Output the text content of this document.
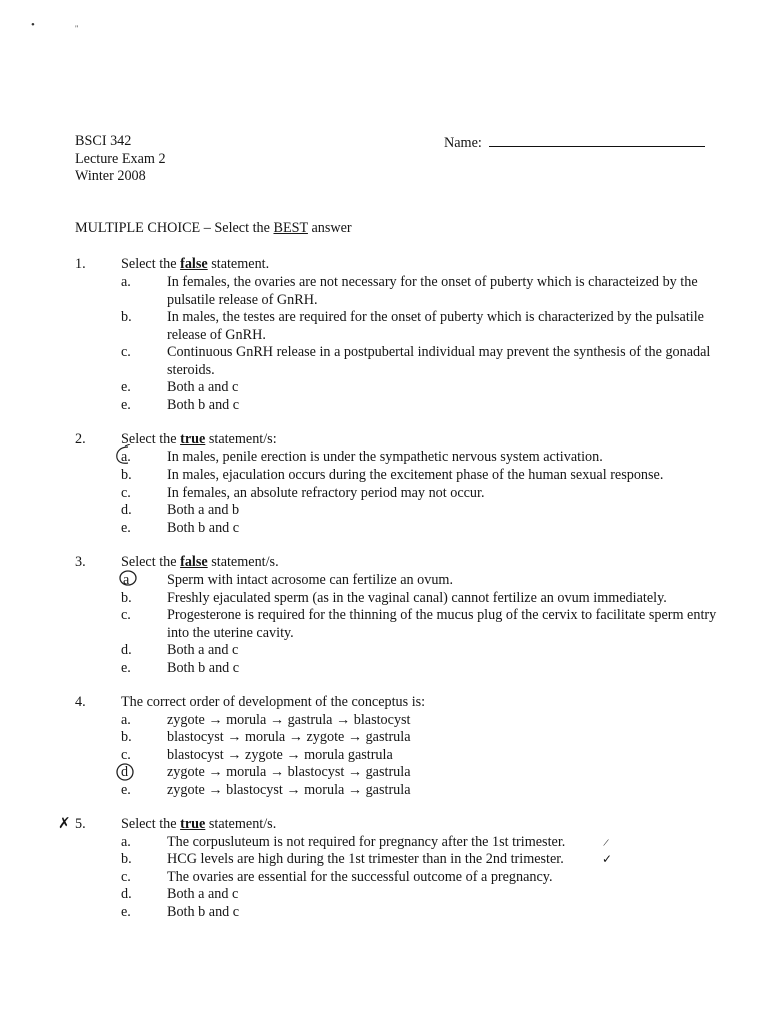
•	"
BSCI 342
Lecture Exam 2
Winter 2008
Name:
MULTIPLE CHOICE – Select the BEST answer
1. Select the false statement.
a.	In females, the ovaries are not necessary for the onset of puberty which is characteized by the pulsatile release of GnRH.
b.	In males, the testes are required for the onset of puberty which is characterized by the pulsatile release of GnRH.
c.	Continuous GnRH release in a postpubertal individual may prevent the synthesis of the gonadal steroids.
e.	Both a and c
e.	Both b and c
2. Select the true statement/s:
a.	In males, penile erection is under the sympathetic nervous system activation.
b.	In males, ejaculation occurs during the excitement phase of the human sexual response.
c.	In females, an absolute refractory period may not occur.
d.	Both a and b
e.	Both b and c
3. Select the false statement/s.
a	Sperm with intact acrosome can fertilize an ovum.
b.	Freshly ejaculated sperm (as in the vaginal canal) cannot fertilize an ovum immediately.
c.	Progesterone is required for the thinning of the mucus plug of the cervix to facilitate sperm entry into the uterine cavity.
d.	Both a and c
e.	Both b and c
4. The correct order of development of the conceptus is:
a.	zygote → morula → gastrula → blastocyst
b.	blastocyst → morula → zygote → gastrula
c.	blastocyst → zygote → morula gastrula
d	zygote → morula → blastocyst → gastrula
e.	zygote → blastocyst → morula → gastrula
✗ 5. Select the true statement/s.
a.	The corpusluteum is not required for pregnancy after the 1st trimester.	/
b.	HCG levels are high during the 1st trimester than in the 2nd trimester.	✓
c.	The ovaries are essential for the successful outcome of a pregnancy.
d.	Both a and c
e.	Both b and c
